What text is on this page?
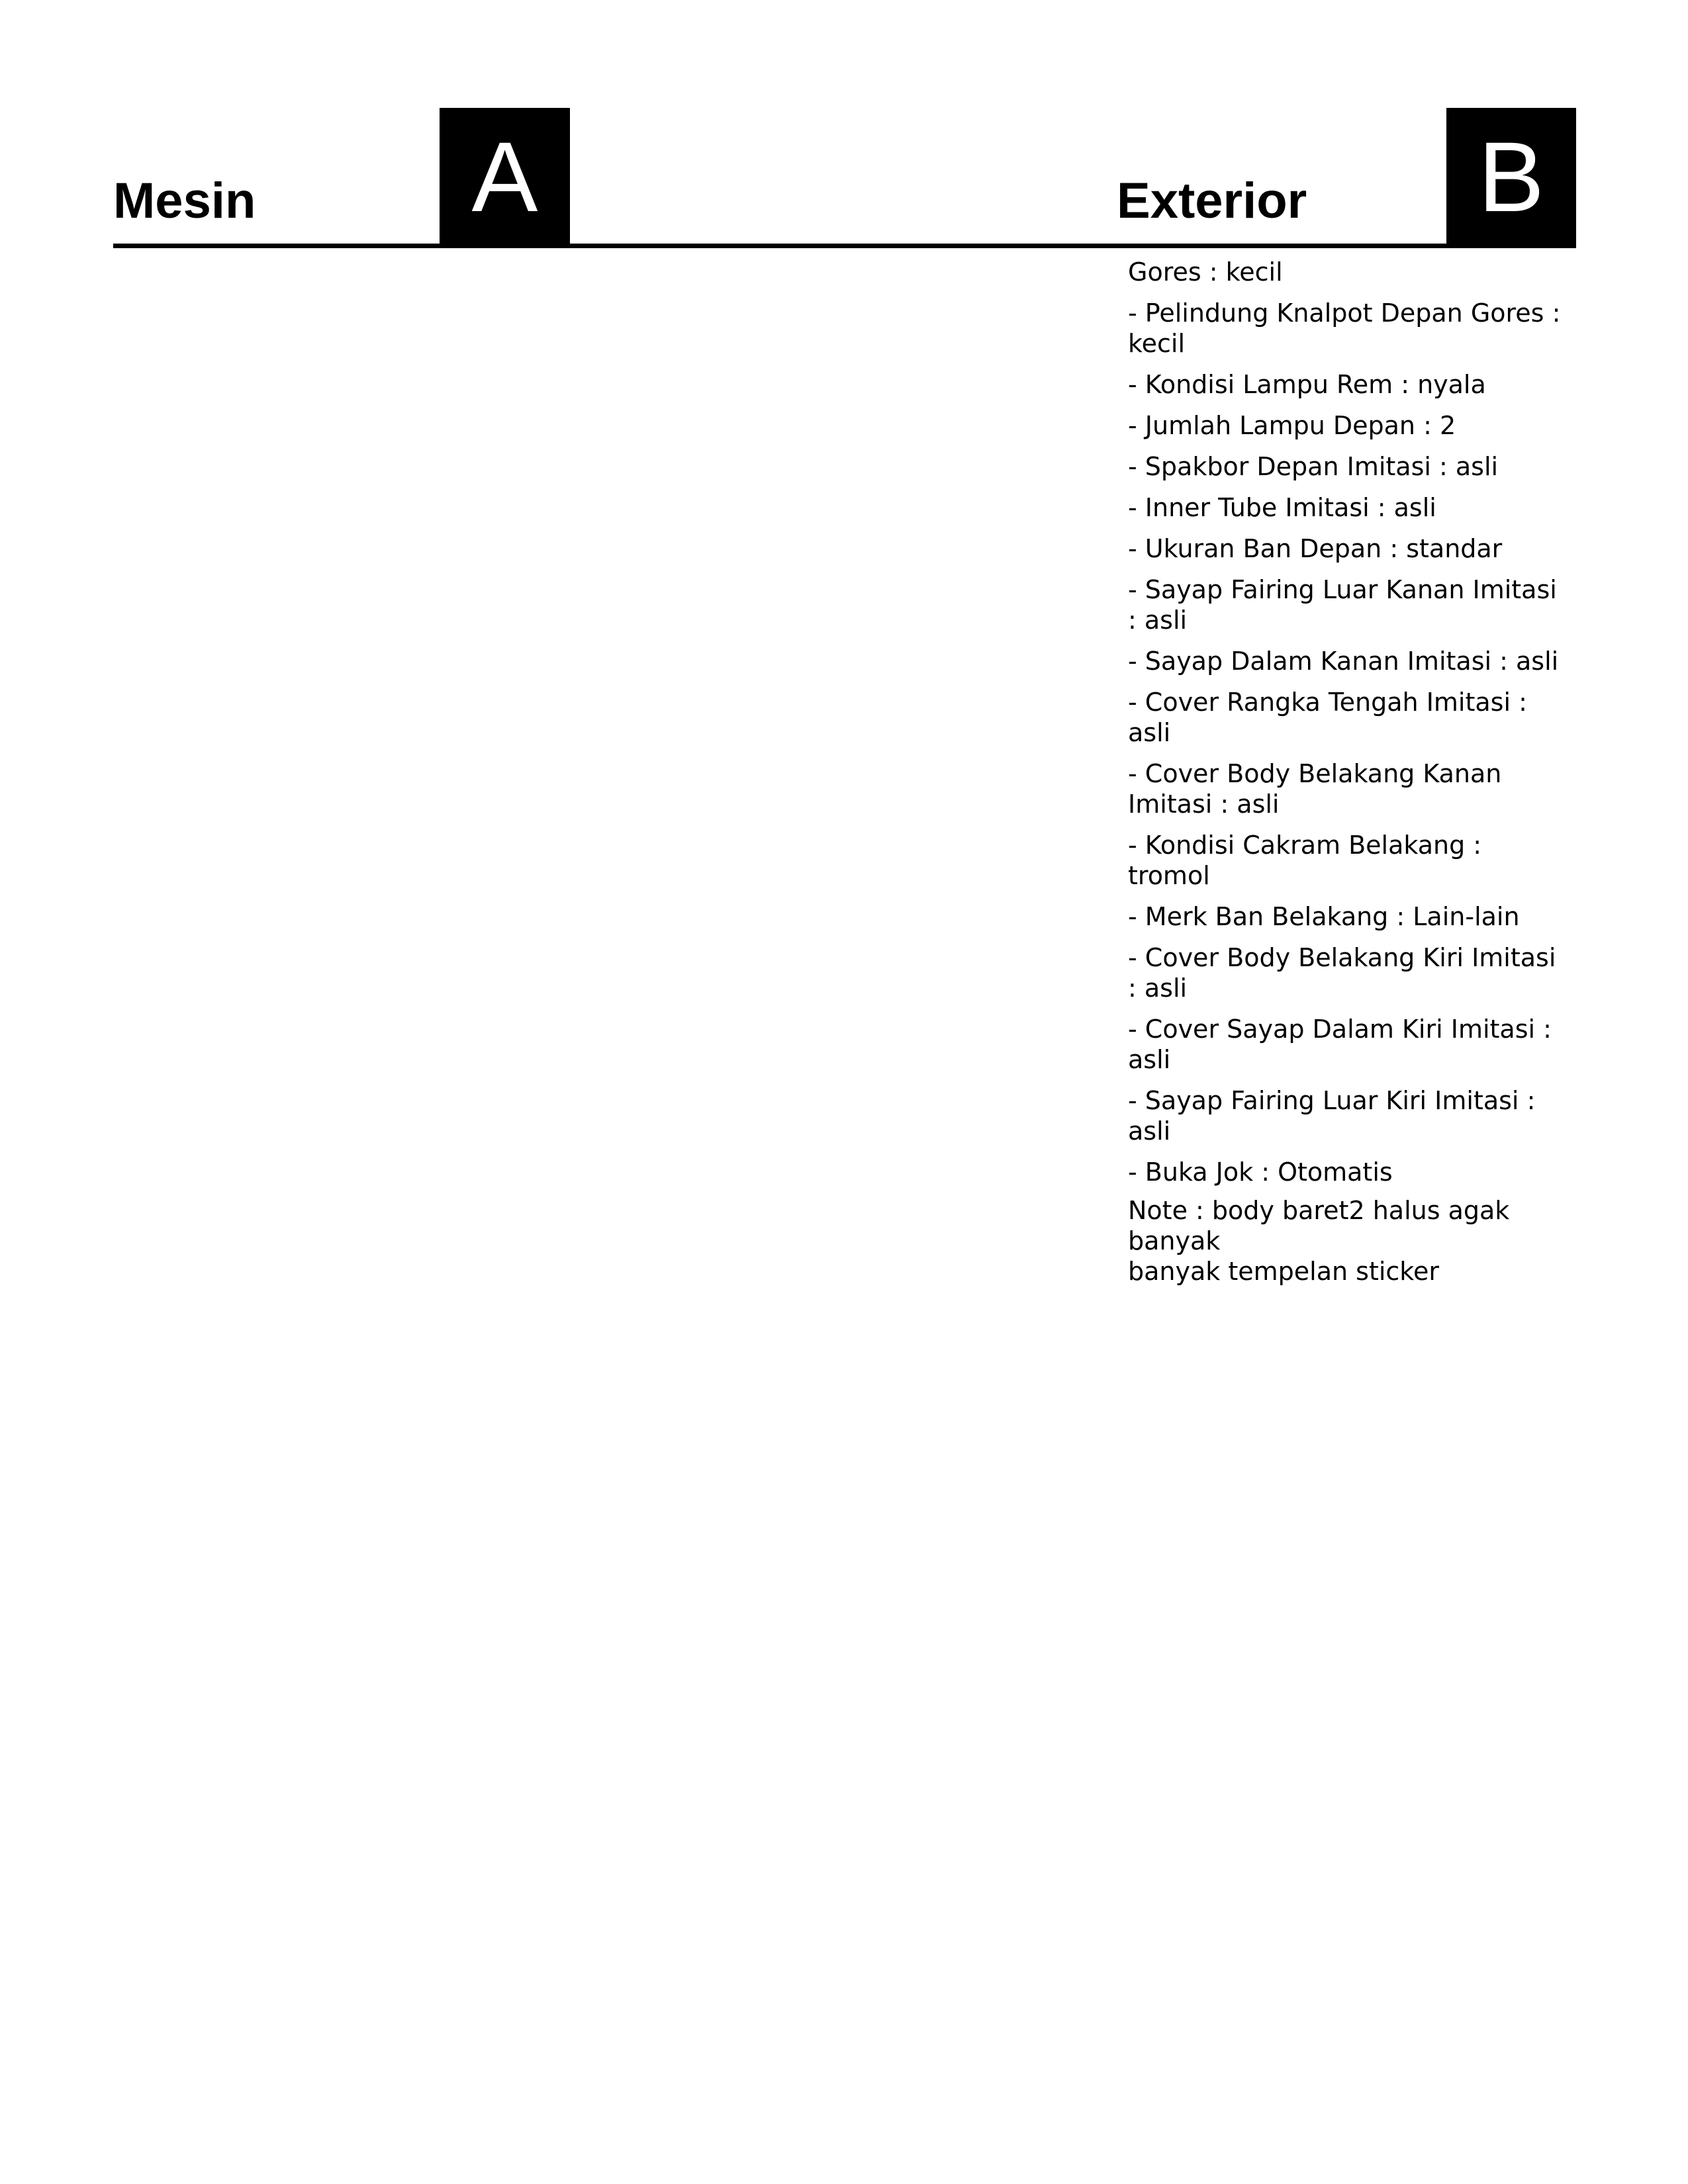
Mesin	A	Exterior	B
Gores : kecil
- Pelindung Knalpot Depan Gores : kecil
- Kondisi Lampu Rem : nyala
- Jumlah Lampu Depan : 2
- Spakbor Depan Imitasi : asli
- Inner Tube Imitasi : asli
- Ukuran Ban Depan : standar
- Sayap Fairing Luar Kanan Imitasi : asli
- Sayap Dalam Kanan Imitasi : asli
- Cover Rangka Tengah Imitasi : asli
- Cover Body Belakang Kanan Imitasi : asli
- Kondisi Cakram Belakang : tromol
- Merk Ban Belakang : Lain-lain
- Cover Body Belakang Kiri Imitasi : asli
- Cover Sayap Dalam Kiri Imitasi : asli
- Sayap Fairing Luar Kiri Imitasi : asli
- Buka Jok : Otomatis
Note : body baret2 halus agak banyak
banyak tempelan sticker
